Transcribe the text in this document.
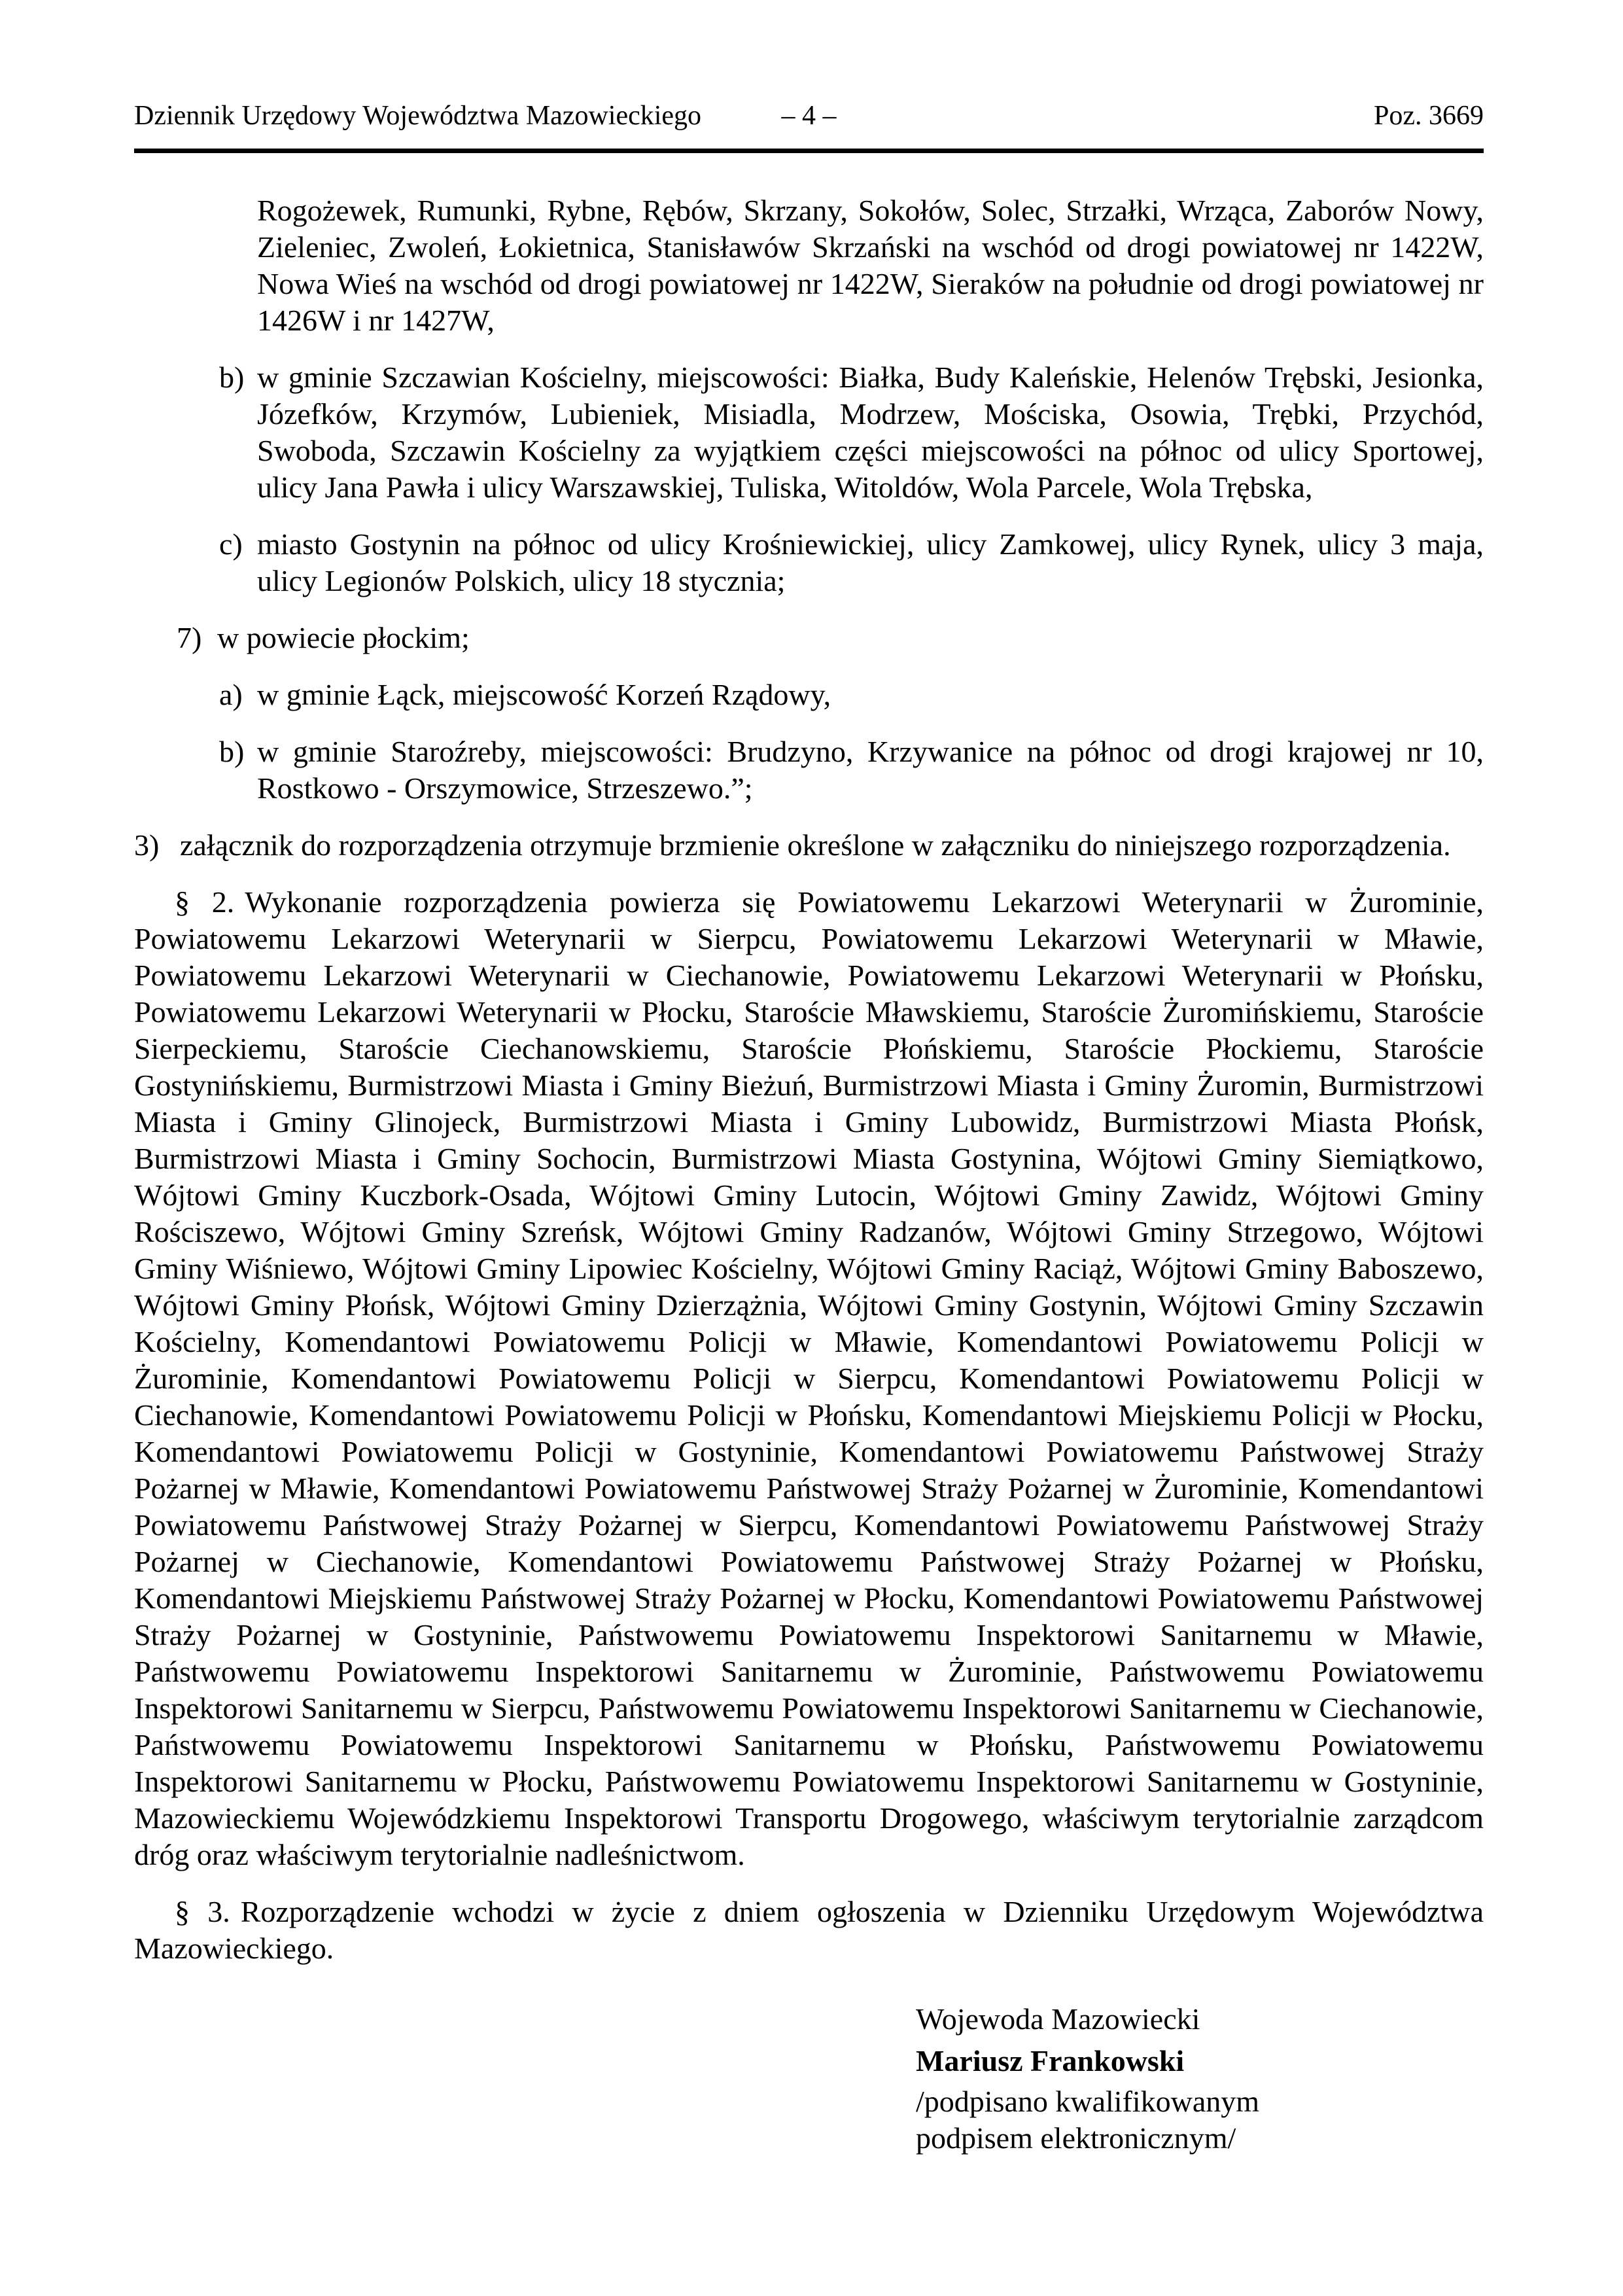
Dziennik Urzędowy Województwa Mazowieckiego	– 4 –	Poz. 3669

Rogożewek, Rumunki, Rybne, Rębów, Skrzany, Sokołów, Solec, Strzałki, Wrząca, Zaborów Nowy, Zieleniec, Zwoleń, Łokietnica, Stanisławów Skrzański na wschód od drogi powiatowej nr 1422W, Nowa Wieś na wschód od drogi powiatowej nr 1422W, Sieraków na południe od drogi powiatowej nr 1426W i nr 1427W,

b) w gminie Szczawian Kościelny, miejscowości: Białka, Budy Kaleńskie, Helenów Trębski, Jesionka, Józefków, Krzymów, Lubieniek, Misiadla, Modrzew, Mościska, Osowia, Trębki, Przychód, Swoboda, Szczawin Kościelny za wyjątkiem części miejscowości na północ od ulicy Sportowej, ulicy Jana Pawła i ulicy Warszawskiej, Tuliska, Witoldów, Wola Parcele, Wola Trębska,

c) miasto Gostynin na północ od ulicy Krośniewickiej, ulicy Zamkowej, ulicy Rynek, ulicy 3 maja, ulicy Legionów Polskich, ulicy 18 stycznia;

7) w powiecie płockim;

a) w gminie Łąck, miejscowość Korzeń Rządowy,

b) w gminie Staroźreby, miejscowości: Brudzyno, Krzywanice na północ od drogi krajowej nr 10, Rostkowo - Orszymowice, Strzeszewo.”;

3) załącznik do rozporządzenia otrzymuje brzmienie określone w załączniku do niniejszego rozporządzenia.

§ 2. Wykonanie rozporządzenia powierza się Powiatowemu Lekarzowi Weterynarii w Żurominie, Powiatowemu Lekarzowi Weterynarii w Sierpcu, Powiatowemu Lekarzowi Weterynarii w Mławie, Powiatowemu Lekarzowi Weterynarii w Ciechanowie, Powiatowemu Lekarzowi Weterynarii w Płońsku, Powiatowemu Lekarzowi Weterynarii w Płocku, Staroście Mławskiemu, Staroście Żuromińskiemu, Staroście Sierpeckiemu, Staroście Ciechanowskiemu, Staroście Płońskiemu, Staroście Płockiemu, Staroście Gostynińskiemu, Burmistrzowi Miasta i Gminy Bieżuń, Burmistrzowi Miasta i Gminy Żuromin, Burmistrzowi Miasta i Gminy Glinojeck, Burmistrzowi Miasta i Gminy Lubowidz, Burmistrzowi Miasta Płońsk, Burmistrzowi Miasta i Gminy Sochocin, Burmistrzowi Miasta Gostynina, Wójtowi Gminy Siemiątkowo, Wójtowi Gminy Kuczbork-Osada, Wójtowi Gminy Lutocin, Wójtowi Gminy Zawidz, Wójtowi Gminy Rościszewo, Wójtowi Gminy Szreńsk, Wójtowi Gminy Radzanów, Wójtowi Gminy Strzegowo, Wójtowi Gminy Wiśniewo, Wójtowi Gminy Lipowiec Kościelny, Wójtowi Gminy Raciąż, Wójtowi Gminy Baboszewo, Wójtowi Gminy Płońsk, Wójtowi Gminy Dzierzążnia, Wójtowi Gminy Gostynin, Wójtowi Gminy Szczawin Kościelny, Komendantowi Powiatowemu Policji w Mławie, Komendantowi Powiatowemu Policji w Żurominie, Komendantowi Powiatowemu Policji w Sierpcu, Komendantowi Powiatowemu Policji w Ciechanowie, Komendantowi Powiatowemu Policji w Płońsku, Komendantowi Miejskiemu Policji w Płocku, Komendantowi Powiatowemu Policji w Gostyninie, Komendantowi Powiatowemu Państwowej Straży Pożarnej w Mławie, Komendantowi Powiatowemu Państwowej Straży Pożarnej w Żurominie, Komendantowi Powiatowemu Państwowej Straży Pożarnej w Sierpcu, Komendantowi Powiatowemu Państwowej Straży Pożarnej w Ciechanowie, Komendantowi Powiatowemu Państwowej Straży Pożarnej w Płońsku, Komendantowi Miejskiemu Państwowej Straży Pożarnej w Płocku, Komendantowi Powiatowemu Państwowej Straży Pożarnej w Gostyninie, Państwowemu Powiatowemu Inspektorowi Sanitarnemu w Mławie, Państwowemu Powiatowemu Inspektorowi Sanitarnemu w Żurominie, Państwowemu Powiatowemu Inspektorowi Sanitarnemu w Sierpcu, Państwowemu Powiatowemu Inspektorowi Sanitarnemu w Ciechanowie, Państwowemu Powiatowemu Inspektorowi Sanitarnemu w Płońsku, Państwowemu Powiatowemu Inspektorowi Sanitarnemu w Płocku, Państwowemu Powiatowemu Inspektorowi Sanitarnemu w Gostyninie, Mazowieckiemu Wojewódzkiemu Inspektorowi Transportu Drogowego, właściwym terytorialnie zarządcom dróg oraz właściwym terytorialnie nadleśnictwom.

§ 3. Rozporządzenie wchodzi w życie z dniem ogłoszenia w Dzienniku Urzędowym Województwa Mazowieckiego.

Wojewoda Mazowiecki
Mariusz Frankowski

/podpisano kwalifikowanym

podpisem elektronicznym/
